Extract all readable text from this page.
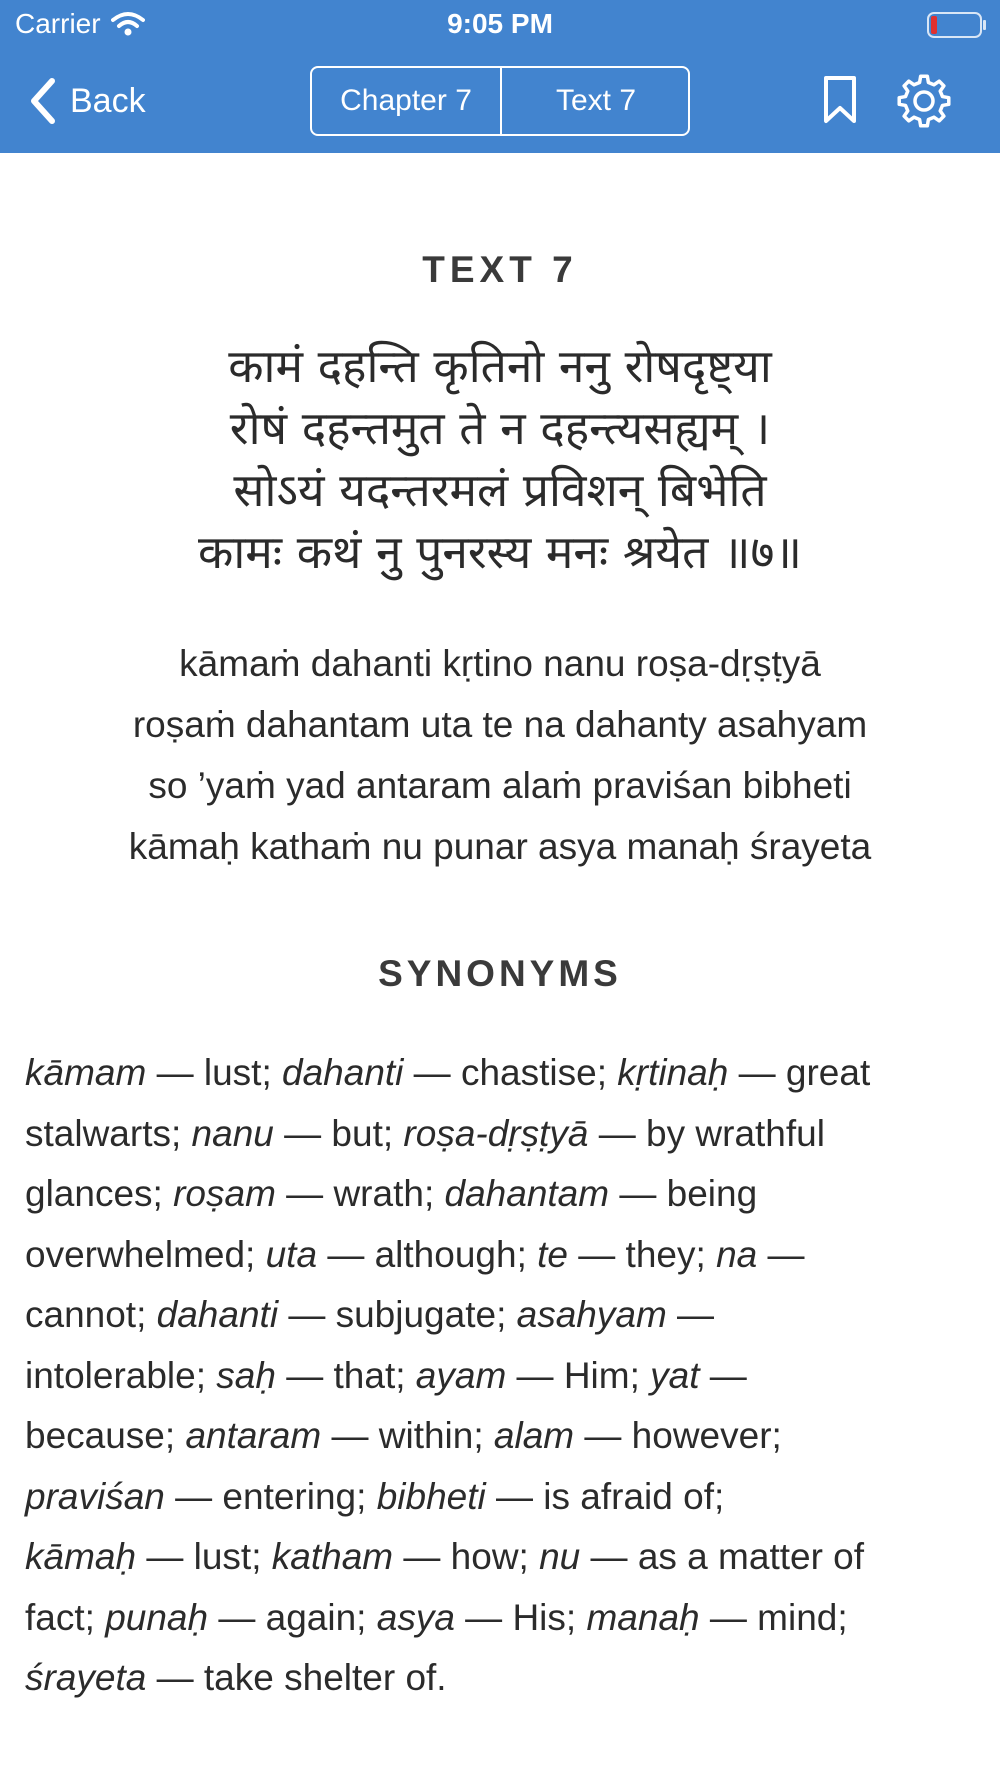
Carrier	9:05 PM
Back	Chapter 7	Text 7
TEXT 7
कामं दहन्ति कृतिनो ननु रोषदृष्ट्या
रोषं दहन्तमुत ते न दहन्त्यसह्यम् ।
सोऽयं यदन्तरमलं प्रविशन् बिभेति
कामः कथं नु पुनरस्य मनः श्रयेत ॥७॥
kāmaṁ dahanti kṛtino nanu roṣa-dṛṣṭyā
roṣaṁ dahantam uta te na dahanty asahyam
so ’yaṁ yad antaram alaṁ praviśan bibheti
kāmaḥ kathaṁ nu punar asya manaḥ śrayeta
SYNONYMS
kāmam — lust; dahanti — chastise; kṛtinaḥ — great
stalwarts; nanu — but; roṣa-dṛṣṭyā — by wrathful
glances; roṣam — wrath; dahantam — being
overwhelmed; uta — although; te — they; na —
cannot; dahanti — subjugate; asahyam —
intolerable; saḥ — that; ayam — Him; yat —
because; antaram — within; alam — however;
praviśan — entering; bibheti — is afraid of;
kāmaḥ — lust; katham — how; nu — as a matter of
fact; punaḥ — again; asya — His; manaḥ — mind;
śrayeta — take shelter of.
